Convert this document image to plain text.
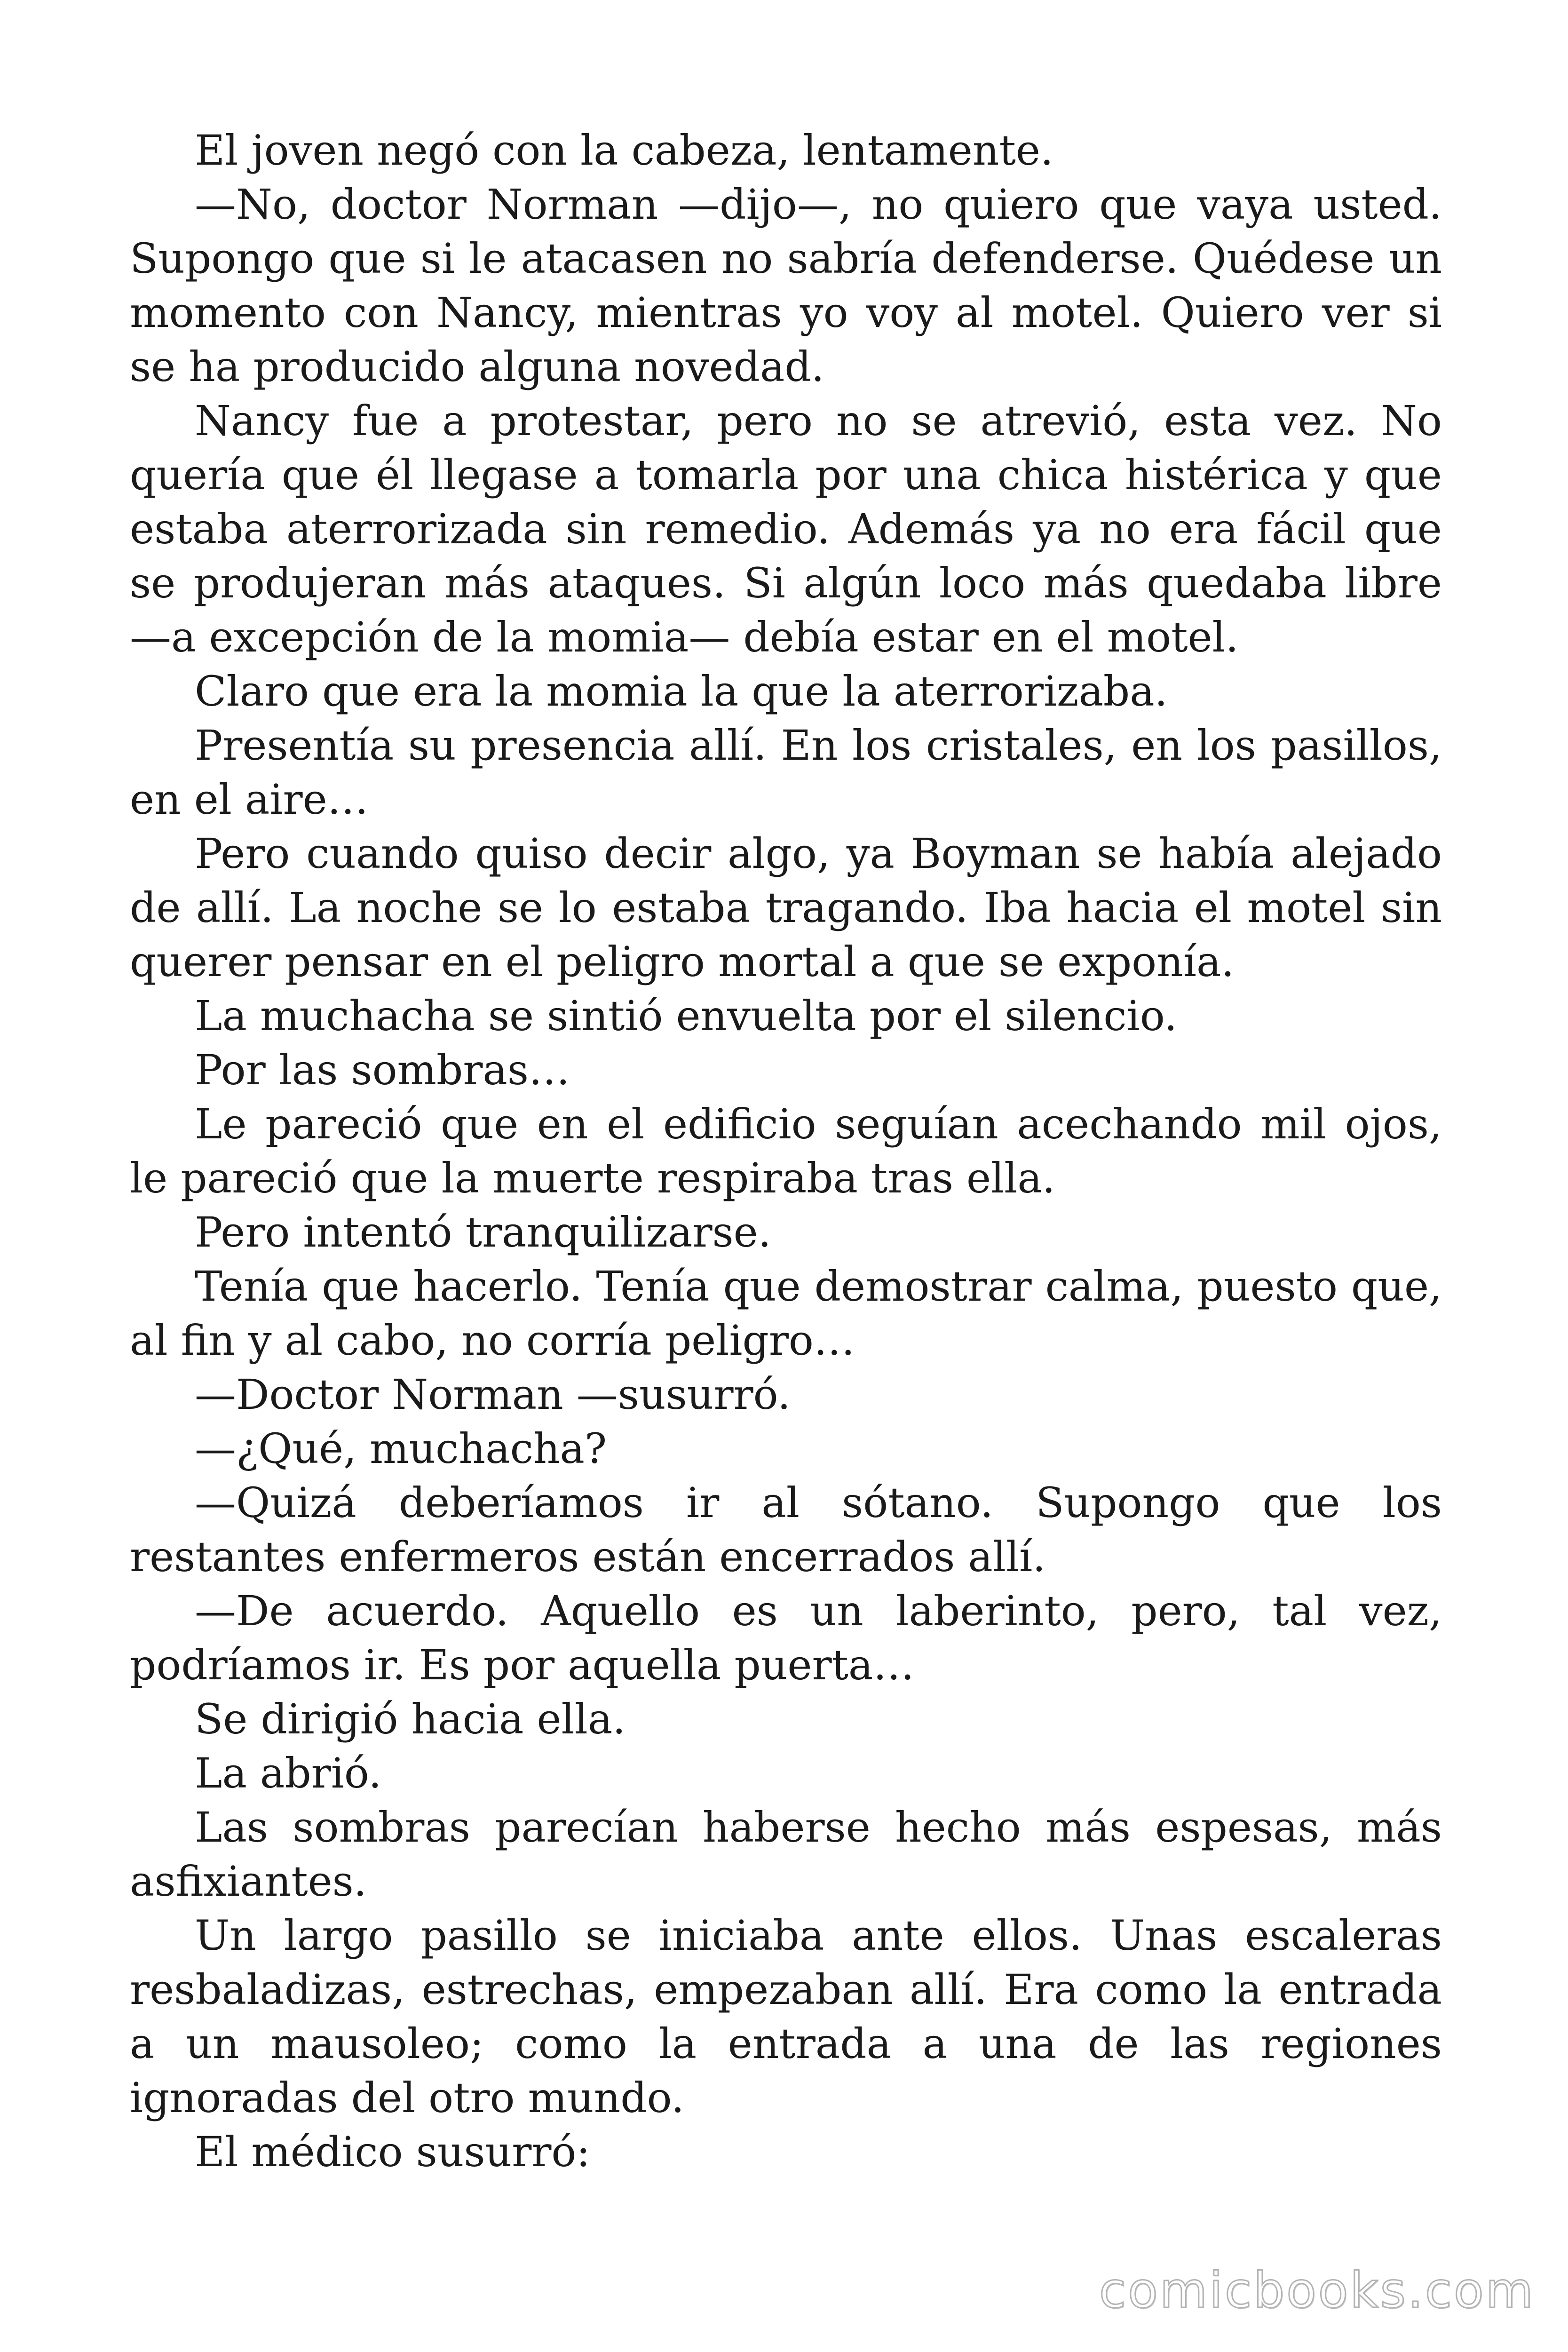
El joven negó con la cabeza, lentamente.

—No, doctor Norman —dijo—, no quiero que vaya usted. Supongo que si le atacasen no sabría defenderse. Quédese un momento con Nancy, mientras yo voy al motel. Quiero ver si se ha producido alguna novedad.

Nancy fue a protestar, pero no se atrevió, esta vez. No quería que él llegase a tomarla por una chica histérica y que estaba aterrorizada sin remedio. Además ya no era fácil que se produjeran más ataques. Si algún loco más quedaba libre —a excepción de la momia— debía estar en el motel.

Claro que era la momia la que la aterrorizaba.

Presentía su presencia allí. En los cristales, en los pasillos, en el aire…

Pero cuando quiso decir algo, ya Boyman se había alejado de allí. La noche se lo estaba tragando. Iba hacia el motel sin querer pensar en el peligro mortal a que se exponía.

La muchacha se sintió envuelta por el silencio.

Por las sombras…

Le pareció que en el edificio seguían acechando mil ojos, le pareció que la muerte respiraba tras ella.

Pero intentó tranquilizarse.

Tenía que hacerlo. Tenía que demostrar calma, puesto que, al fin y al cabo, no corría peligro…

—Doctor Norman —susurró.

—¿Qué, muchacha?

—Quizá deberíamos ir al sótano. Supongo que los restantes enfermeros están encerrados allí.

—De acuerdo. Aquello es un laberinto, pero, tal vez, podríamos ir. Es por aquella puerta…

Se dirigió hacia ella.

La abrió.

Las sombras parecían haberse hecho más espesas, más asfixiantes.

Un largo pasillo se iniciaba ante ellos. Unas escaleras resbaladizas, estrechas, empezaban allí. Era como la entrada a un mausoleo; como la entrada a una de las regiones ignoradas del otro mundo.

El médico susurró:

comicbooks.com
